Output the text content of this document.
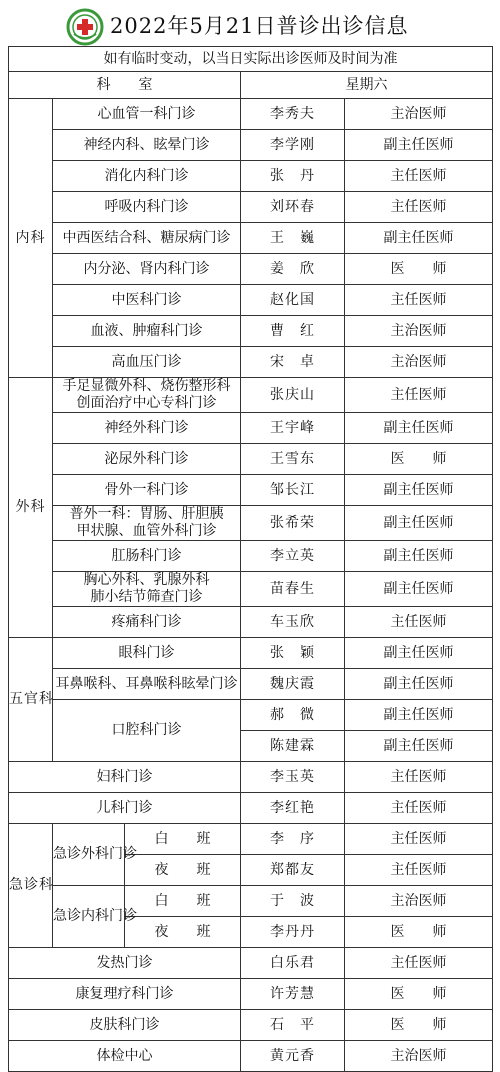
2022年5月21日普诊出诊信息
如有临时变动，以当日实际出诊医师及时间为准				
科　　室			星期六	
内科	心血管一科门诊		李秀夫	主治医师
	神经内科、眩晕门诊		李学刚	副主任医师
	消化内科门诊		张　丹	主任医师
	呼吸内科门诊		刘环春	主任医师
	中西医结合科、糖尿病门诊		王　巍	副主任医师
	内分泌、肾内科门诊		姜　欣	医　　师
	中医科门诊		赵化国	主任医师
	血液、肿瘤科门诊		曹　红	主治医师
	高血压门诊		宋　卓	主治医师
外科	手足显微外科、烧伤整形科
创面治疗中心专科门诊		张庆山	主任医师
	神经外科门诊		王宇峰	副主任医师
	泌尿外科门诊		王雪东	医　　师
	骨外一科门诊		邹长江	副主任医师
	普外一科：胃肠、肝胆胰
甲状腺、血管外科门诊		张希荣	副主任医师
	肛肠科门诊		李立英	副主任医师
	胸心外科、乳腺外科
肺小结节筛查门诊		苗春生	副主任医师
	疼痛科门诊		车玉欣	主任医师
五官科	眼科门诊		张　颖	副主任医师
	耳鼻喉科、耳鼻喉科眩晕门诊		魏庆霞	副主任医师
	口腔科门诊		郝　微	副主任医师
			陈建霖	副主任医师
妇科门诊			李玉英	主任医师
儿科门诊			李红艳	主任医师
急诊科	急诊外科门诊	白　　班	李　序	主任医师
		夜　　班	郑都友	主任医师
	急诊内科门诊	白　　班	于　波	主治医师
		夜　　班	李丹丹	医　　师
发热门诊			白乐君	主任医师
康复理疗科门诊			许芳慧	医　　师
皮肤科门诊			石　平	医　　师
体检中心			黄元香	主治医师
